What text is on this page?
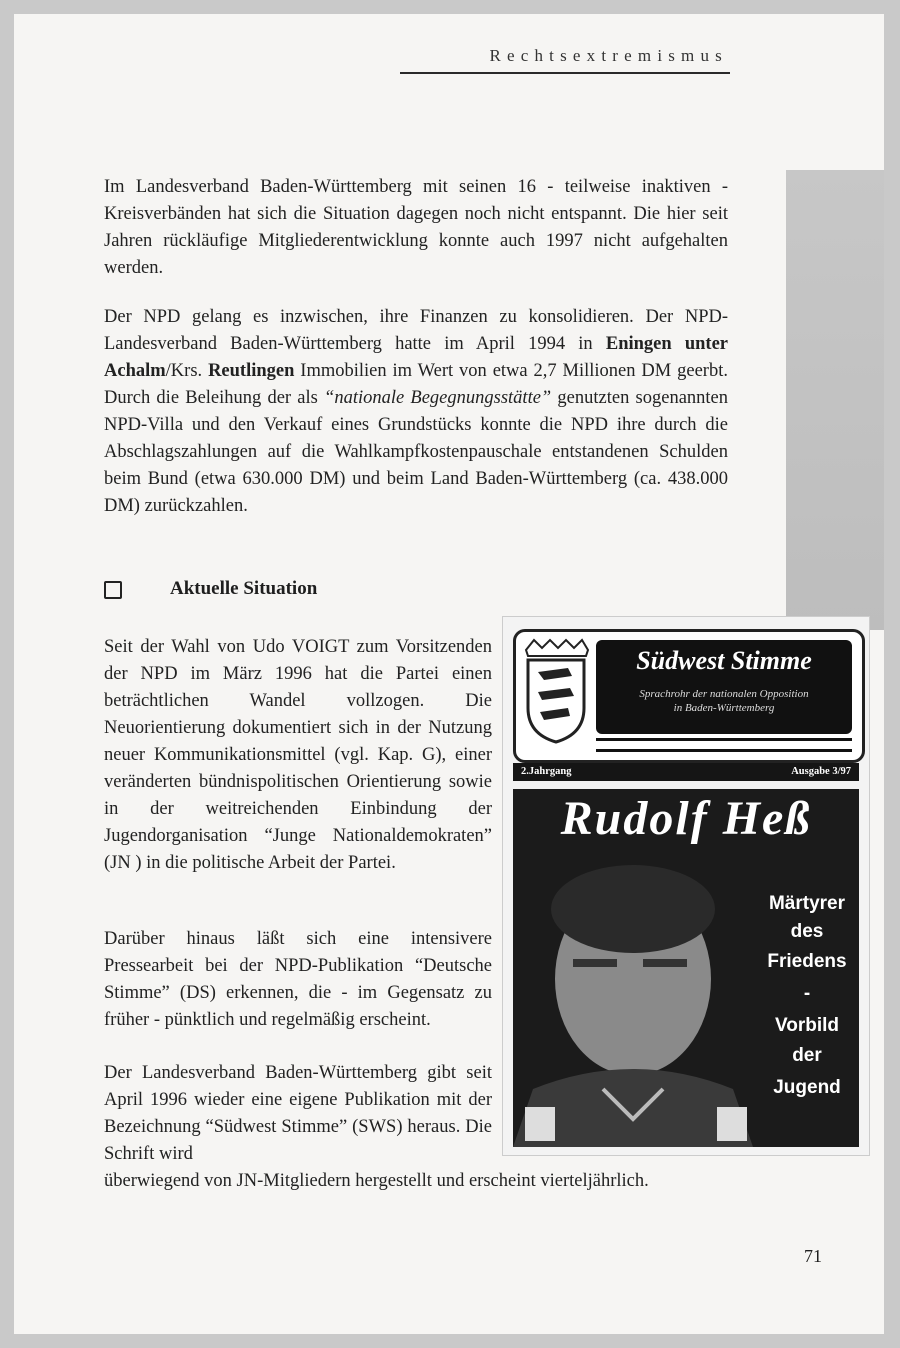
Rechtsextremismus

Im Landesverband Baden-Württemberg mit seinen 16 - teilweise inaktiven - Kreisverbänden hat sich die Situation dagegen noch nicht entspannt. Die hier seit Jahren rückläufige Mitgliederentwicklung konnte auch 1997 nicht aufgehalten werden.

Der NPD gelang es inzwischen, ihre Finanzen zu konsolidieren. Der NPD-Landesverband Baden-Württemberg hatte im April 1994 in Eningen unter Achalm/Krs. Reutlingen Immobilien im Wert von etwa 2,7 Millionen DM geerbt. Durch die Beleihung der als “nationale Begegnungsstätte” genutzten sogenannten NPD-Villa und den Verkauf eines Grundstücks konnte die NPD ihre durch die Abschlagszahlungen auf die Wahlkampfkostenpauschale entstandenen Schulden beim Bund (etwa 630.000 DM) und beim Land Baden-Württemberg (ca. 438.000 DM) zurückzahlen.

Aktuelle Situation

Seit der Wahl von Udo VOIGT zum Vorsitzenden der NPD im März 1996 hat die Partei einen beträchtlichen Wandel vollzogen. Die Neuorientierung dokumentiert sich in der Nutzung neuer Kommunikationsmittel (vgl. Kap. G), einer veränderten bündnispolitischen Orientierung sowie in der weitreichenden Einbindung der Jugendorganisation “Junge Nationaldemokraten” (JN ) in die politische Arbeit der Partei.

Darüber hinaus läßt sich eine intensivere Pressearbeit bei der NPD-Publikation “Deutsche Stimme” (DS) erkennen, die - im Gegensatz zu früher - pünktlich und regelmäßig erscheint.

Der Landesverband Baden-Württemberg gibt seit April 1996 wieder eine eigene Publikation mit der Bezeichnung “Südwest Stimme” (SWS) heraus. Die Schrift wird

überwiegend von JN-Mitgliedern hergestellt und erscheint vierteljährlich.

Südwest Stimme
Sprachrohr der nationalen Opposition
in Baden-Württemberg
2.Jahrgang	Ausgabe 3/97
Rudolf Heß
Märtyrer
des
Friedens
-
Vorbild
der
Jugend
71
